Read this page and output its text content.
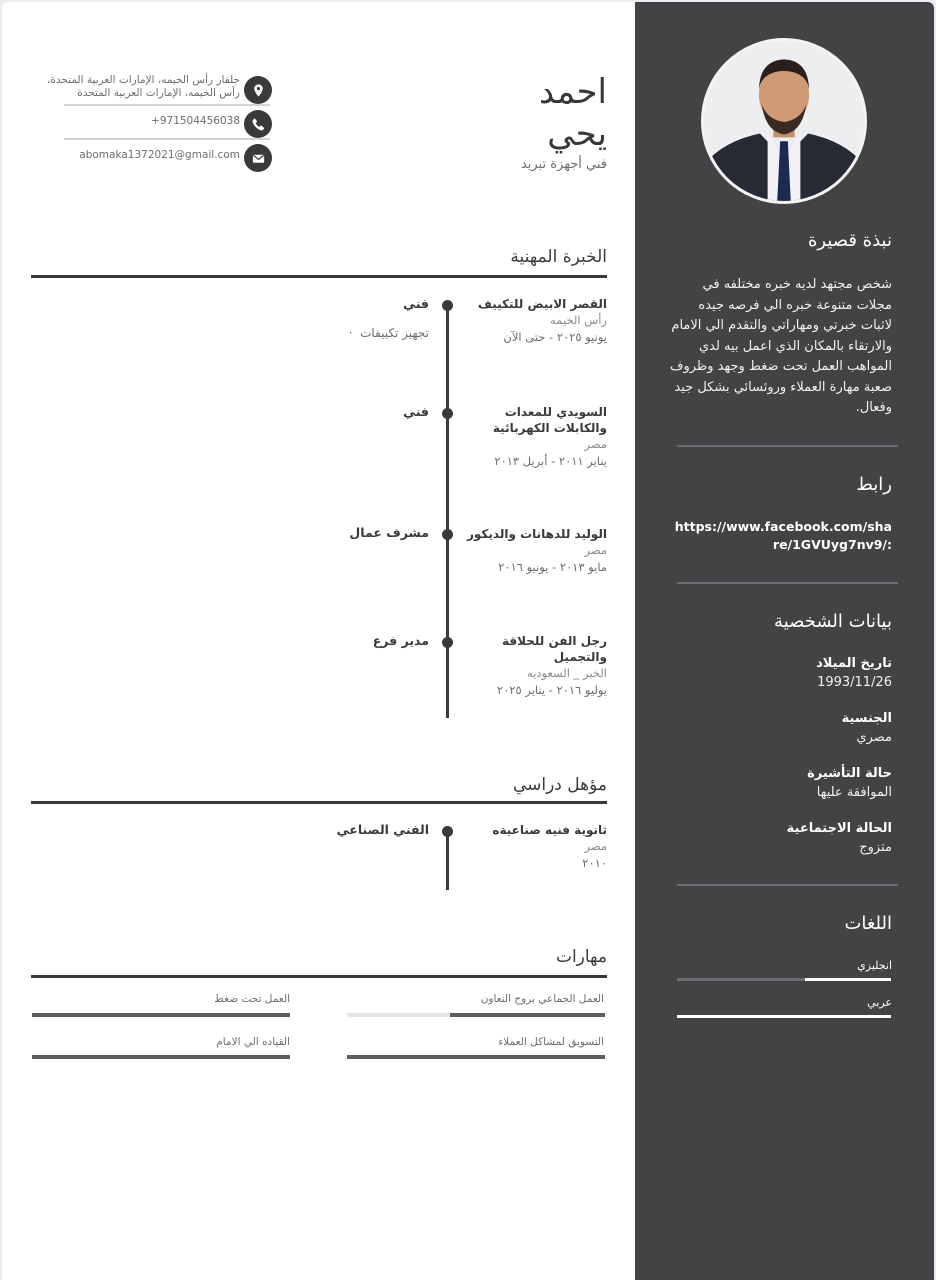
احمد
يحي
فني أجهزة تبريد
جلفار رأس الخيمه، الإمارات العربية المتحدة،
رأس الخيمه، الإمارات العربية المتحدة
+971504456038
abomaka1372021@gmail.com
الخبرة المهنية
القصر الابيض للتكييف
رأس الخيمه
يونيو ٢٠٢٥ - حتى الآن
فني
تجهيز تكييفات  ·
السويدي للمعدات والكابلات الكهربائية
مصر
يناير ٢٠١١ - أبريل ٢٠١٣
فني
الوليد للدهانات والديكور
مصر
مايو ٢٠١٣ - يونيو ٢٠١٦
مشرف عمال
رجل الفن للحلاقة والتجميل
الخبر _ السعوديه
يوليو ٢٠١٦ - يناير ٢٠٢٥
مدير فرع
مؤهل دراسي
ثانوية فنيه صناعيةه
مصر
٢٠١٠
الفني الصناعي
مهارات
العمل الجماعي بروح التعاون
العمل تحت ضغط
التسويق لمشاكل العملاء
القياده الي الامام
نبذة قصيرة
شخص مجتهد لديه خبره مختلفه في مجلات متنوعة خبره الي فرصه جيده لاثبات خبرتي ومهاراتي والتقدم الي الامام والارتقاء بالمكان الذي اعمل بيه لدي المواهب العمل تحت ضغط وجهد وظروف صعبة مهارة العملاء وروئسائي بشكل جيد وفعال.
رابط
https://www.facebook.com/share/1GVUyg7nv9/:
بيانات الشخصية
تاريخ الميلاد
1993/11/26
الجنسية
مصري
حالة التأشيرة
الموافقة عليها
الحالة الاجتماعية
متزوج
اللغات
انجليزي
عربي
